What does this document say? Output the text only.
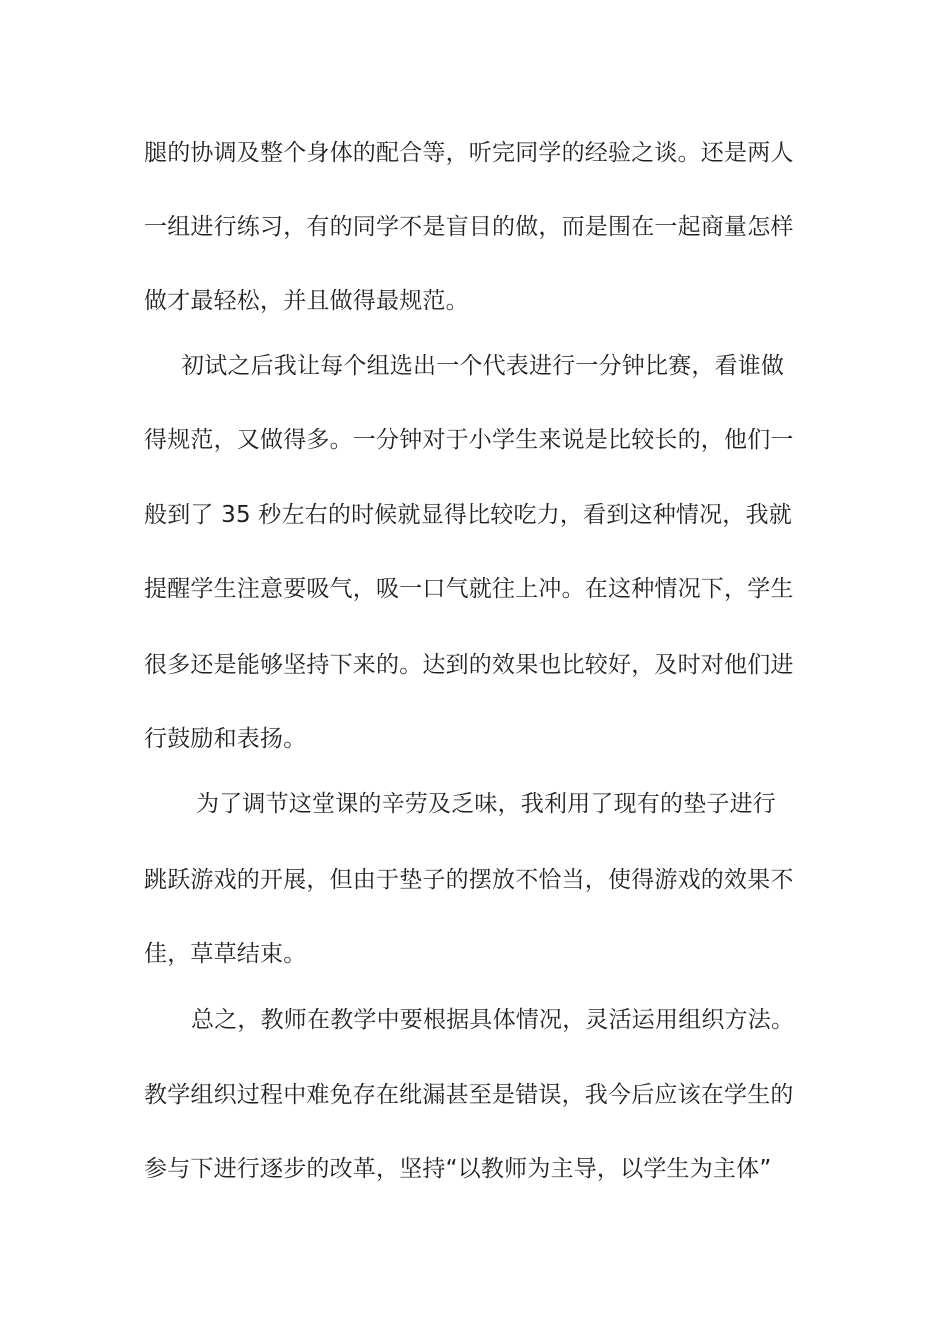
腿的协调及整个身体的配合等，听完同学的经验之谈。还是两人
一组进行练习，有的同学不是盲目的做，而是围在一起商量怎样
做才最轻松，并且做得最规范。
初试之后我让每个组选出一个代表进行一分钟比赛，看谁做
得规范，又做得多。一分钟对于小学生来说是比较长的，他们一
般到了 35 秒左右的时候就显得比较吃力，看到这种情况，我就
提醒学生注意要吸气，吸一口气就往上冲。在这种情况下，学生
很多还是能够坚持下来的。达到的效果也比较好，及时对他们进
行鼓励和表扬。
为了调节这堂课的辛劳及乏味，我利用了现有的垫子进行
跳跃游戏的开展，但由于垫子的摆放不恰当，使得游戏的效果不
佳，草草结束。
总之，教师在教学中要根据具体情况，灵活运用组织方法。
教学组织过程中难免存在纰漏甚至是错误，我今后应该在学生的
参与下进行逐步的改革，坚持“以教师为主导，以学生为主体”
